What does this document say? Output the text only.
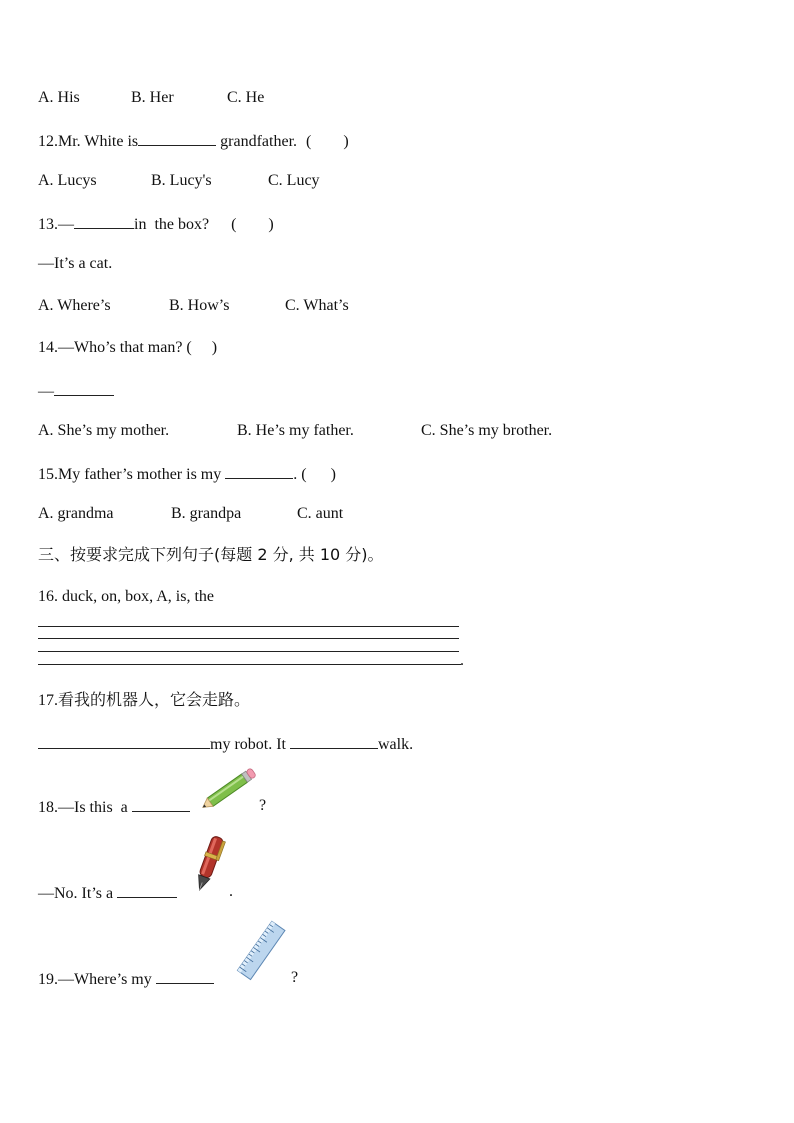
A. His	B. Her	C. He
12.Mr. White is	grandfather. (        )
A. Lucys	B. Lucy's	C. Lucy
13.—	in  the box? (        )
—It’s a cat.
A. Where’s	B. How’s	C. What’s
14.—Who’s that man? (     )
—
A. She’s my mother.	B. He’s my father.	C. She’s my brother.
15.My father’s mother is my	. (      )
A. grandma	B. grandpa	C. aunt
三、按要求完成下列句子(每题 2 分, 共 10 分)。
16. duck, on, box, A, is, the
.
17.看我的机器人，它会走路。
my robot. It	walk.
18.—Is this  a	?
—No. It’s a	.
19.—Where’s my	?
